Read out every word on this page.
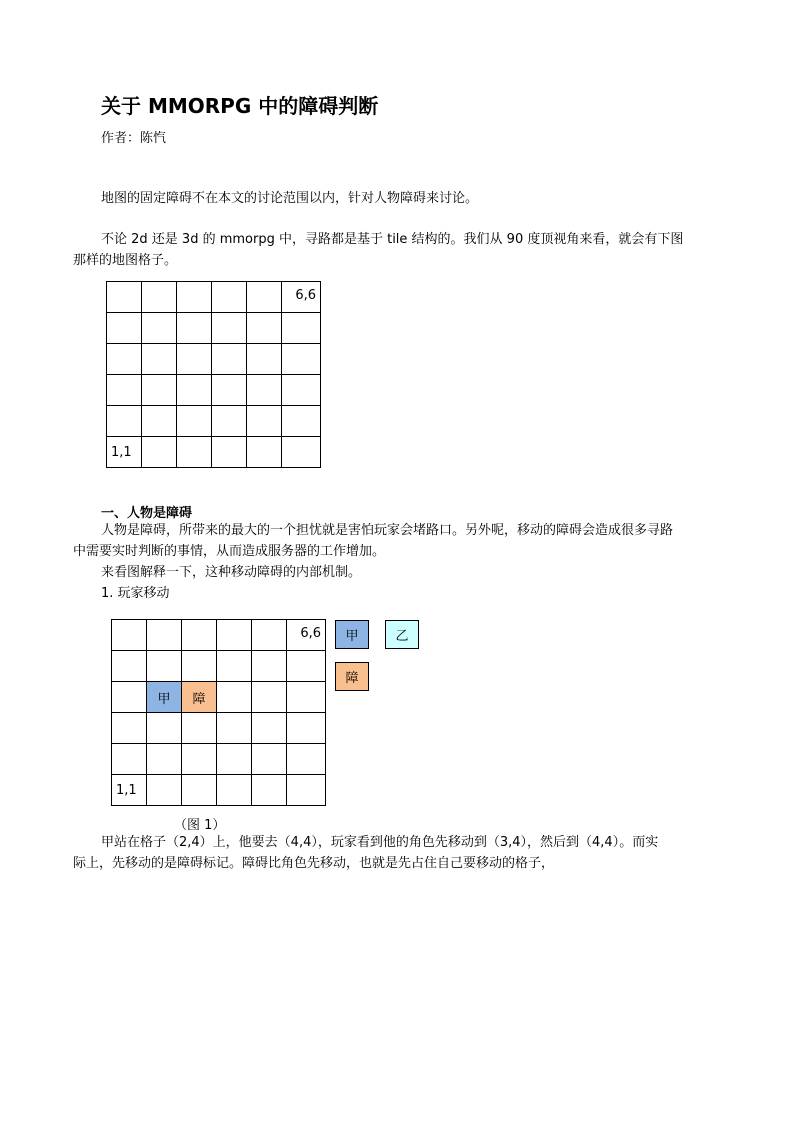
关于 MMORPG 中的障碍判断
作者：陈忾
地图的固定障碍不在本文的讨论范围以内，针对人物障碍来讨论。
不论 2d 还是 3d 的 mmorpg 中，寻路都是基于 tile 结构的。我们从 90 度顶视角来看，就会有下图
那样的地图格子。
					6,6

1,1					
一、人物是障碍
人物是障碍，所带来的最大的一个担忧就是害怕玩家会堵路口。另外呢，移动的障碍会造成很多寻路
中需要实时判断的事情，从而造成服务器的工作增加。
来看图解释一下，这种移动障碍的内部机制。
1. 玩家移动
					6,6

	甲	障			

1,1					
甲	乙
障
（图 1）
甲站在格子（2,4）上，他要去（4,4），玩家看到他的角色先移动到（3,4），然后到（4,4）。而实
际上，先移动的是障碍标记。障碍比角色先移动，也就是先占住自己要移动的格子，
